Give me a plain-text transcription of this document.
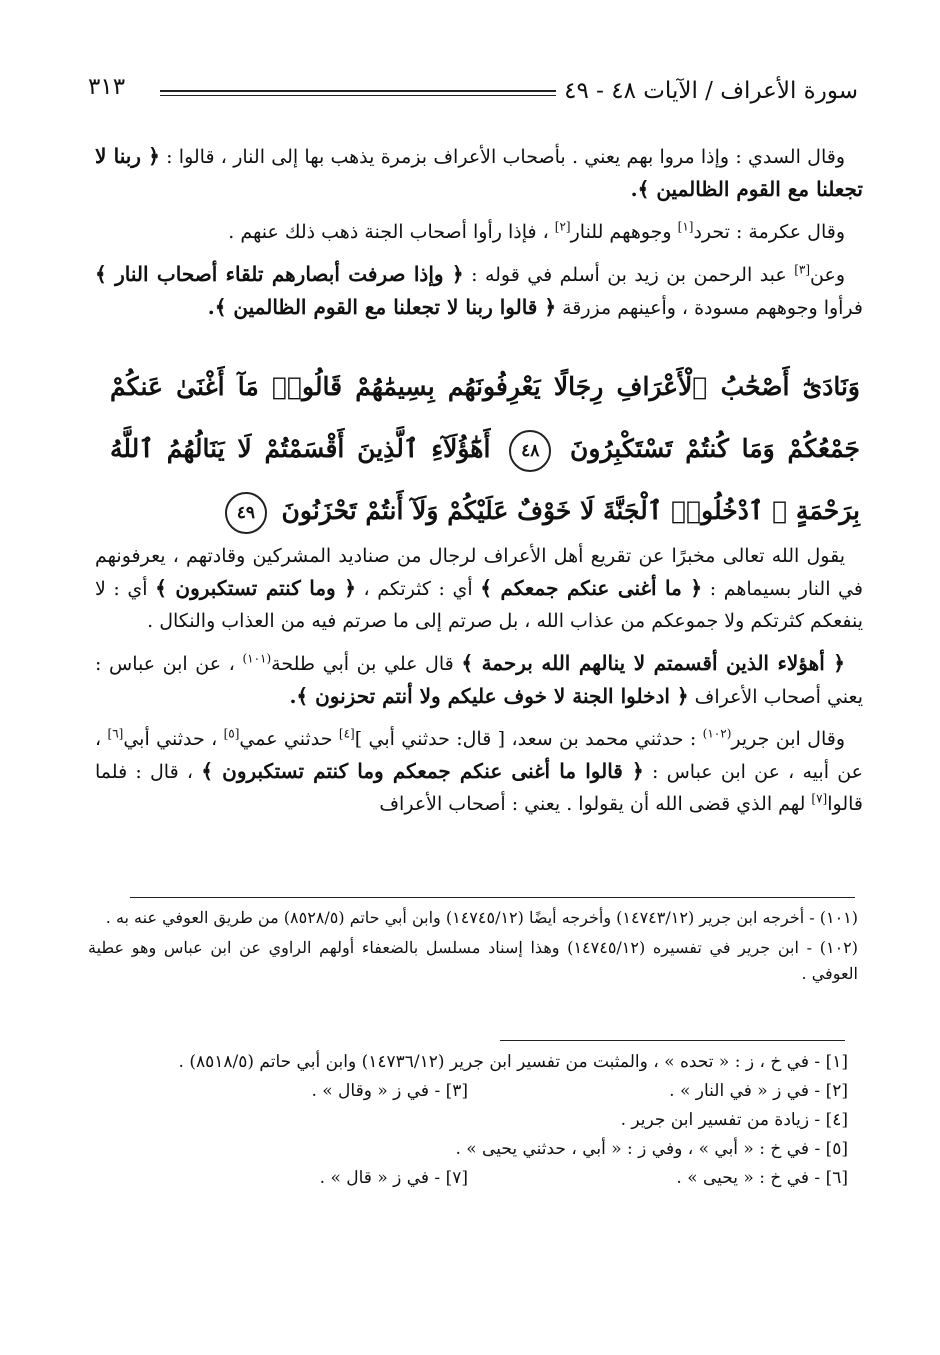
سورة الأعراف / الآيات ٤٨ - ٤٩
٣١٣

وقال السدي : وإذا مروا بهم يعني . بأصحاب الأعراف بزمرة يذهب بها إلى النار ، قالوا : ﴿ ربنا لا تجعلنا مع القوم الظالمين ﴾.

وقال عكرمة : تحرد[١] وجوههم للنار[٢] ، فإذا رأوا أصحاب الجنة ذهب ذلك عنهم .

وعن[٣] عبد الرحمن بن زيد بن أسلم في قوله : ﴿ وإذا صرفت أبصارهم تلقاء أصحاب النار ﴾ فرأوا وجوههم مسودة ، وأعينهم مزرقة ﴿ قالوا ربنا لا تجعلنا مع القوم الظالمين ﴾.

وَنَادَىٰٓ أَصْحَٰبُ ٱلْأَعْرَافِ رِجَالًا يَعْرِفُونَهُم بِسِيمَٰهُمْ قَالُوا۟ مَآ أَغْنَىٰ عَنكُمْ جَمْعُكُمْ وَمَا كُنتُمْ تَسْتَكْبِرُونَ ٤٨ أَهَٰٓؤُلَآءِ ٱلَّذِينَ أَقْسَمْتُمْ لَا يَنَالُهُمُ ٱللَّهُ بِرَحْمَةٍ ۚ ٱدْخُلُوا۟ ٱلْجَنَّةَ لَا خَوْفٌ عَلَيْكُمْ وَلَآ أَنتُمْ تَحْزَنُونَ ٤٩

يقول الله تعالى مخبرًا عن تقريع أهل الأعراف لرجال من صناديد المشركين وقادتهم ، يعرفونهم في النار بسيماهم : ﴿ ما أغنى عنكم جمعكم ﴾ أي : كثرتكم ، ﴿ وما كنتم تستكبرون ﴾ أي : لا ينفعكم كثرتكم ولا جموعكم من عذاب الله ، بل صرتم إلى ما صرتم فيه من العذاب والنكال .

﴿ أهؤلاء الذين أقسمتم لا ينالهم الله برحمة ﴾ قال علي بن أبي طلحة$^{(١٠١)}$ ، عن ابن عباس : يعني أصحاب الأعراف ﴿ ادخلوا الجنة لا خوف عليكم ولا أنتم تحزنون ﴾.

وقال ابن جرير$^{(١٠٢)}$ : حدثني محمد بن سعد، [ قال: حدثني أبي ][٤] حدثني عمي[٥] ، حدثني أبي[٦] ، عن أبيه ، عن ابن عباس : ﴿ قالوا ما أغنى عنكم جمعكم وما كنتم تستكبرون ﴾ ، قال : فلما قالوا[٧] لهم الذي قضى الله أن يقولوا . يعني : أصحاب الأعراف

(١٠١) - أخرجه ابن جرير (١٤٧٤٣/١٢) وأخرجه أيضًا (١٤٧٤٥/١٢) وابن أبي حاتم (٨٥٢٨/٥) من طريق العوفي عنه به .

(١٠٢) - ابن جرير في تفسيره (١٤٧٤٥/١٢) وهذا إسناد مسلسل بالضعفاء أولهم الراوي عن ابن عباس وهو عطية العوفي .

[١] - في خ ، ز : « تحده » ، والمثبت من تفسير ابن جرير (١٤٧٣٦/١٢) وابن أبي حاتم (٨٥١٨/٥) .

[٢] - في ز « في النار » .
[٣] - في ز « وقال » .

[٤] - زيادة من تفسير ابن جرير .

[٥] - في خ : « أبي » ، وفي ز : « أبي ، حدثني يحيى » .

[٦] - في خ : « يحيى » .
[٧] - في ز « قال » .
